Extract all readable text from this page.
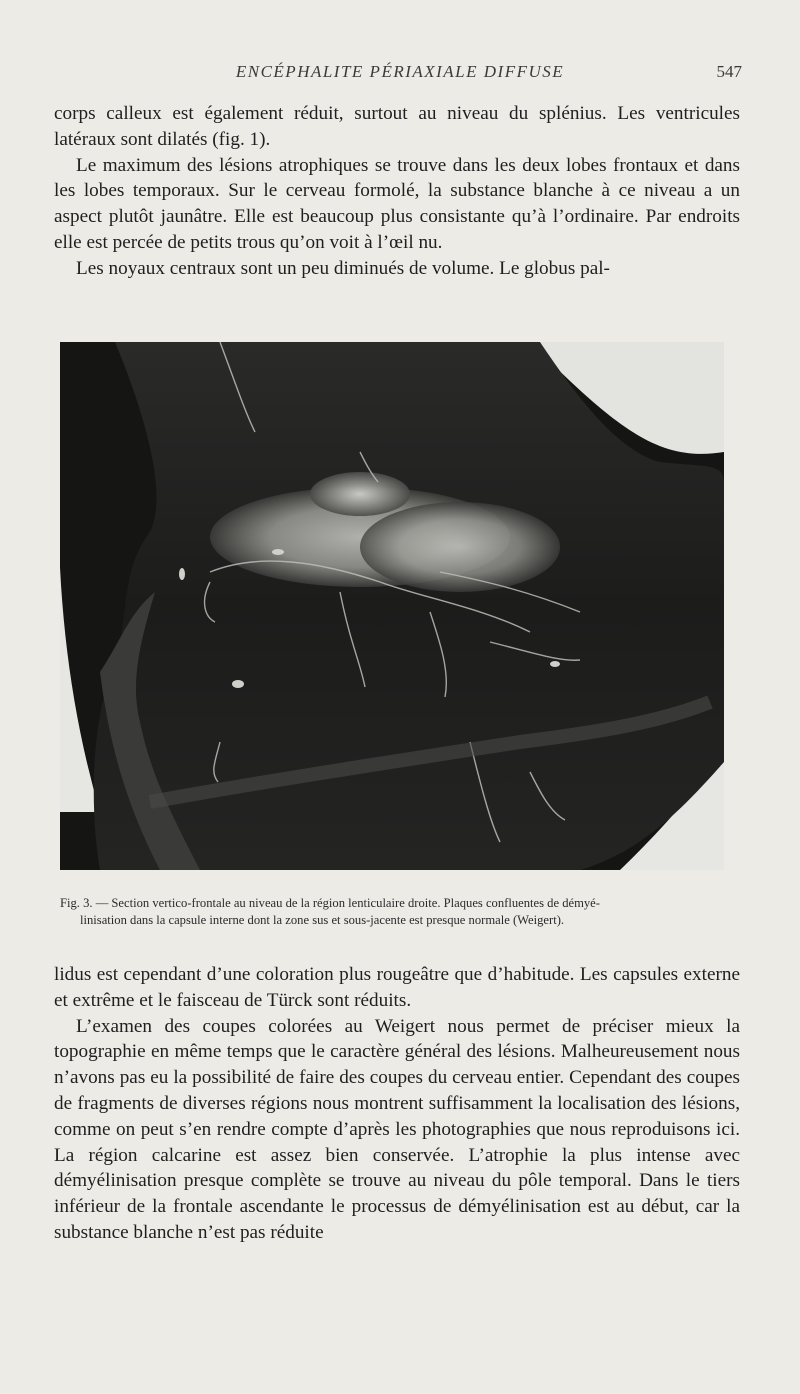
ENCÉPHALITE PÉRIAXIALE DIFFUSE	547

corps calleux est également réduit, surtout au niveau du splénius. Les ventricules latéraux sont dilatés (fig. 1).

Le maximum des lésions atrophiques se trouve dans les deux lobes frontaux et dans les lobes temporaux. Sur le cerveau formolé, la substance blanche à ce niveau a un aspect plutôt jaunâtre. Elle est beaucoup plus consistante qu’à l’ordinaire. Par endroits elle est percée de petits trous qu’on voit à l’œil nu.

Les noyaux centraux sont un peu diminués de volume. Le globus pal-

Fig. 3. — Section vertico-frontale au niveau de la région lenticulaire droite. Plaques confluentes de démyé-

linisation dans la capsule interne dont la zone sus et sous-jacente est presque normale (Weigert).

lidus est cependant d’une coloration plus rougeâtre que d’habitude. Les capsules externe et extrême et le faisceau de Türck sont réduits.

L’examen des coupes colorées au Weigert nous permet de préciser mieux la topographie en même temps que le caractère général des lésions. Malheureusement nous n’avons pas eu la possibilité de faire des coupes du cerveau entier. Cependant des coupes de fragments de diverses régions nous montrent suffisamment la localisation des lésions, comme on peut s’en rendre compte d’après les photographies que nous reproduisons ici. La région calcarine est assez bien conservée. L’atrophie la plus intense avec démyélinisation presque complète se trouve au niveau du pôle temporal. Dans le tiers inférieur de la frontale ascendante le processus de démyélinisation est au début, car la substance blanche n’est pas réduite
